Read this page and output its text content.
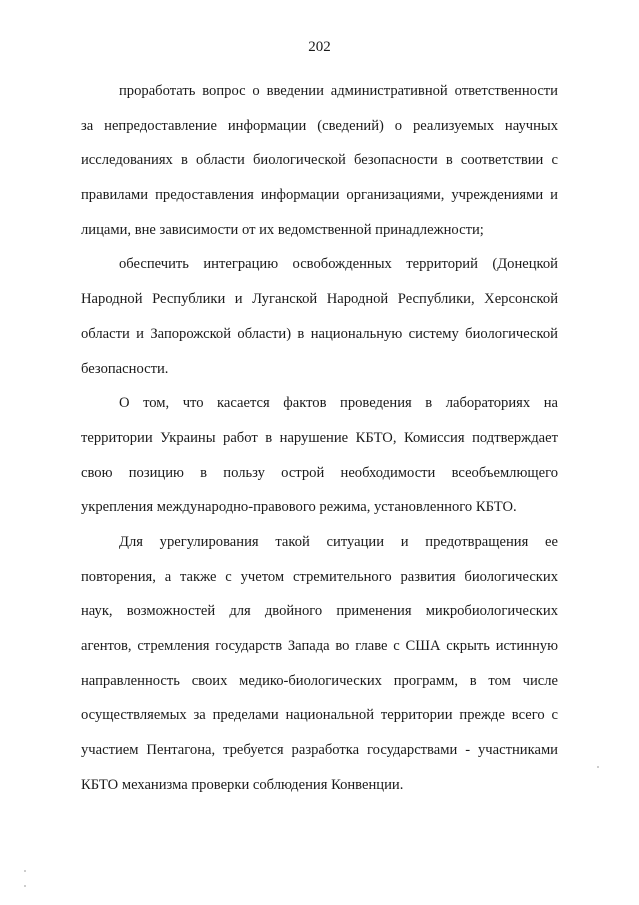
202
проработать вопрос о введении административной ответственности
за непредоставление информации (сведений) о реализуемых научных
исследованиях в области биологической безопасности в соответствии с
правилами предоставления информации организациями, учреждениями и
лицами, вне зависимости от их ведомственной принадлежности;
обеспечить интеграцию освобожденных территорий (Донецкой
Народной Республики и Луганской Народной Республики, Херсонской
области и Запорожской области) в национальную систему биологической
безопасности.
О том, что касается фактов проведения в лабораториях на
территории Украины работ в нарушение КБТО, Комиссия подтверждает
свою позицию в пользу острой необходимости всеобъемлющего
укрепления международно-правового режима, установленного КБТО.
Для урегулирования такой ситуации и предотвращения ее
повторения, а также с учетом стремительного развития биологических
наук, возможностей для двойного применения микробиологических
агентов, стремления государств Запада во главе с США скрыть истинную
направленность своих медико-биологических программ, в том числе
осуществляемых за пределами национальной территории прежде всего с
участием Пентагона, требуется разработка государствами - участниками
КБТО механизма проверки соблюдения Конвенции.
